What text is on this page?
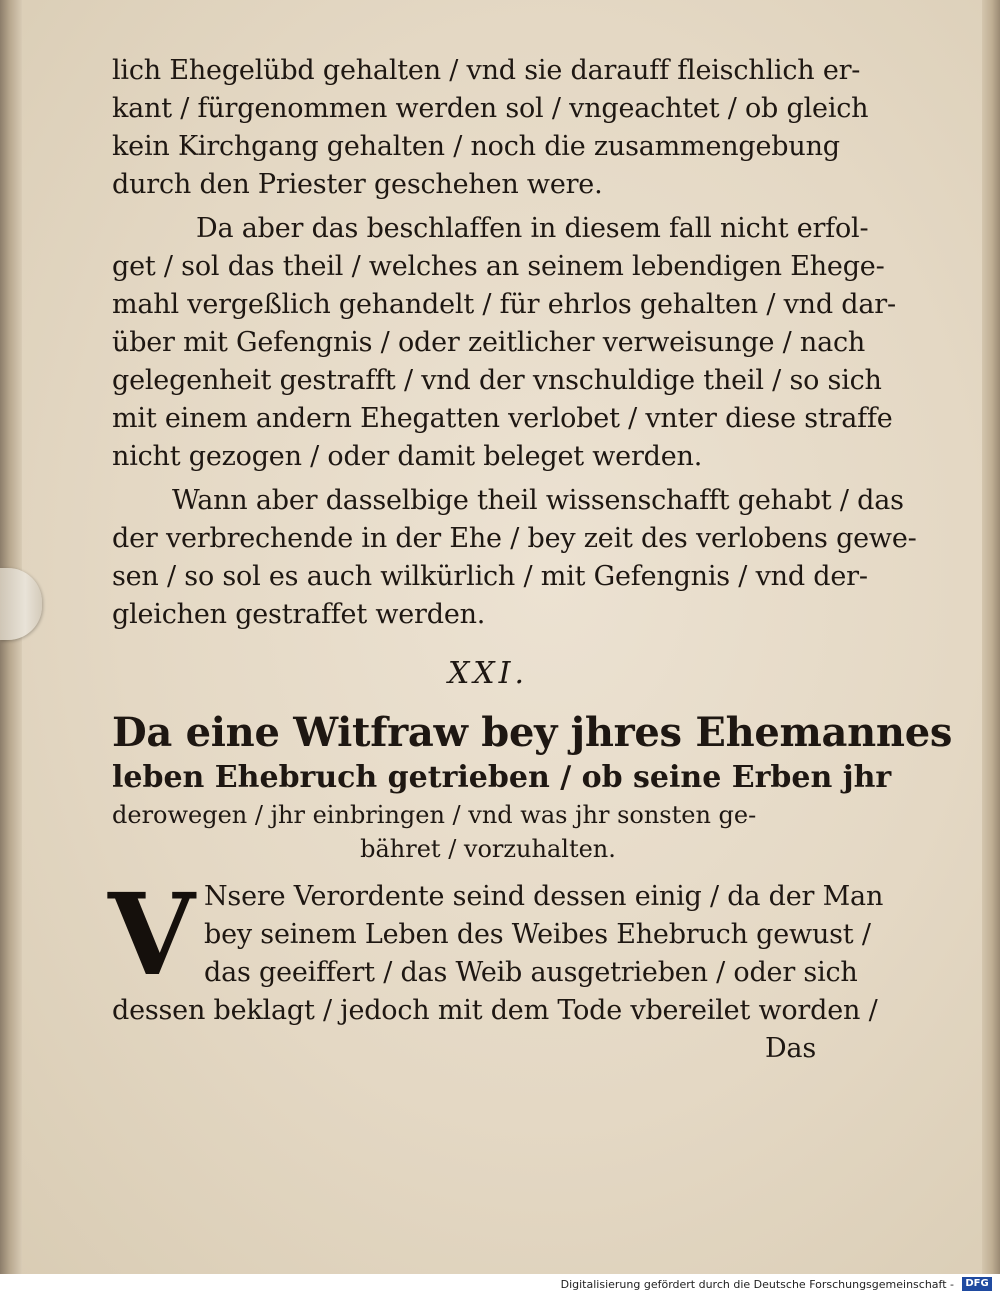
lich Ehegelübd gehalten / vnd sie darauff fleischlich er-
kant / fürgenommen werden sol / vngeachtet / ob gleich
kein Kirchgang gehalten / noch die zusammengebung
durch den Priester geschehen were.
Da aber das beschlaffen in diesem fall nicht erfol-
get / sol das theil / welches an seinem lebendigen Ehege-
mahl vergeßlich gehandelt / für ehrlos gehalten / vnd dar-
über mit Gefengnis / oder zeitlicher verweisunge / nach
gelegenheit gestrafft / vnd der vnschuldige theil / so sich
mit einem andern Ehegatten verlobet / vnter diese straffe
nicht gezogen / oder damit beleget werden.
Wann aber dasselbige theil wissenschafft gehabt / das
der verbrechende in der Ehe / bey zeit des verlobens gewe-
sen / so sol es auch wilkürlich / mit Gefengnis / vnd der-
gleichen gestraffet werden.
XXI.
Da eine Witfraw bey jhres Ehemannes
leben Ehebruch getrieben / ob seine Erben jhr
derowegen / jhr einbringen / vnd was jhr sonsten ge-
bähret / vorzuhalten.
V Nsere Verordente seind dessen einig / da der Man
bey seinem Leben des Weibes Ehebruch gewust /
das geeiffert / das Weib ausgetrieben / oder sich
dessen beklagt / jedoch mit dem Tode vbereilet worden /
Das
Digitalisierung gefördert durch die Deutsche Forschungsgemeinschaft -	DFG
